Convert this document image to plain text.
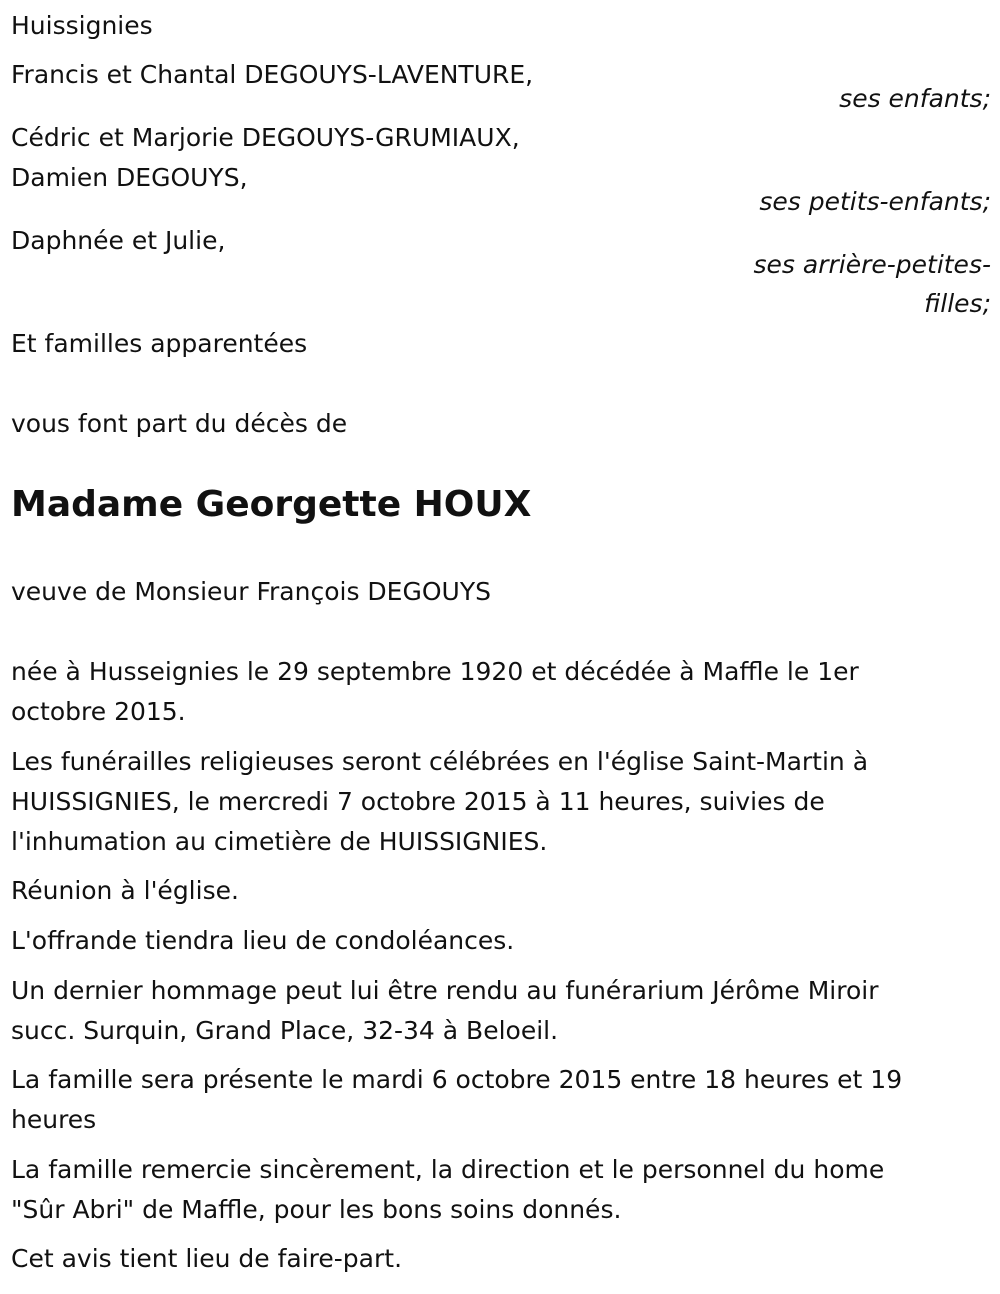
Huissignies
Francis et Chantal DEGOUYS-LAVENTURE,
ses enfants;
Cédric et Marjorie DEGOUYS-GRUMIAUX,
Damien DEGOUYS,
ses petits-enfants;
Daphnée et Julie,
ses arrière-petites-
filles;
Et familles apparentées
vous font part du décès de
Madame Georgette HOUX
veuve de Monsieur François DEGOUYS
née à Husseignies le 29 septembre 1920 et décédée à Maffle le 1er
octobre 2015.
Les funérailles religieuses seront célébrées en l'église Saint-Martin à
HUISSIGNIES, le mercredi 7 octobre 2015 à 11 heures, suivies de
l'inhumation au cimetière de HUISSIGNIES.
Réunion à l'église.
L'offrande tiendra lieu de condoléances.
Un dernier hommage peut lui être rendu au funérarium Jérôme Miroir
succ. Surquin, Grand Place, 32-34 à Beloeil.
La famille sera présente le mardi 6 octobre 2015 entre 18 heures et 19
heures
La famille remercie sincèrement, la direction et le personnel du home
"Sûr Abri" de Maffle, pour les bons soins donnés.
Cet avis tient lieu de faire-part.
